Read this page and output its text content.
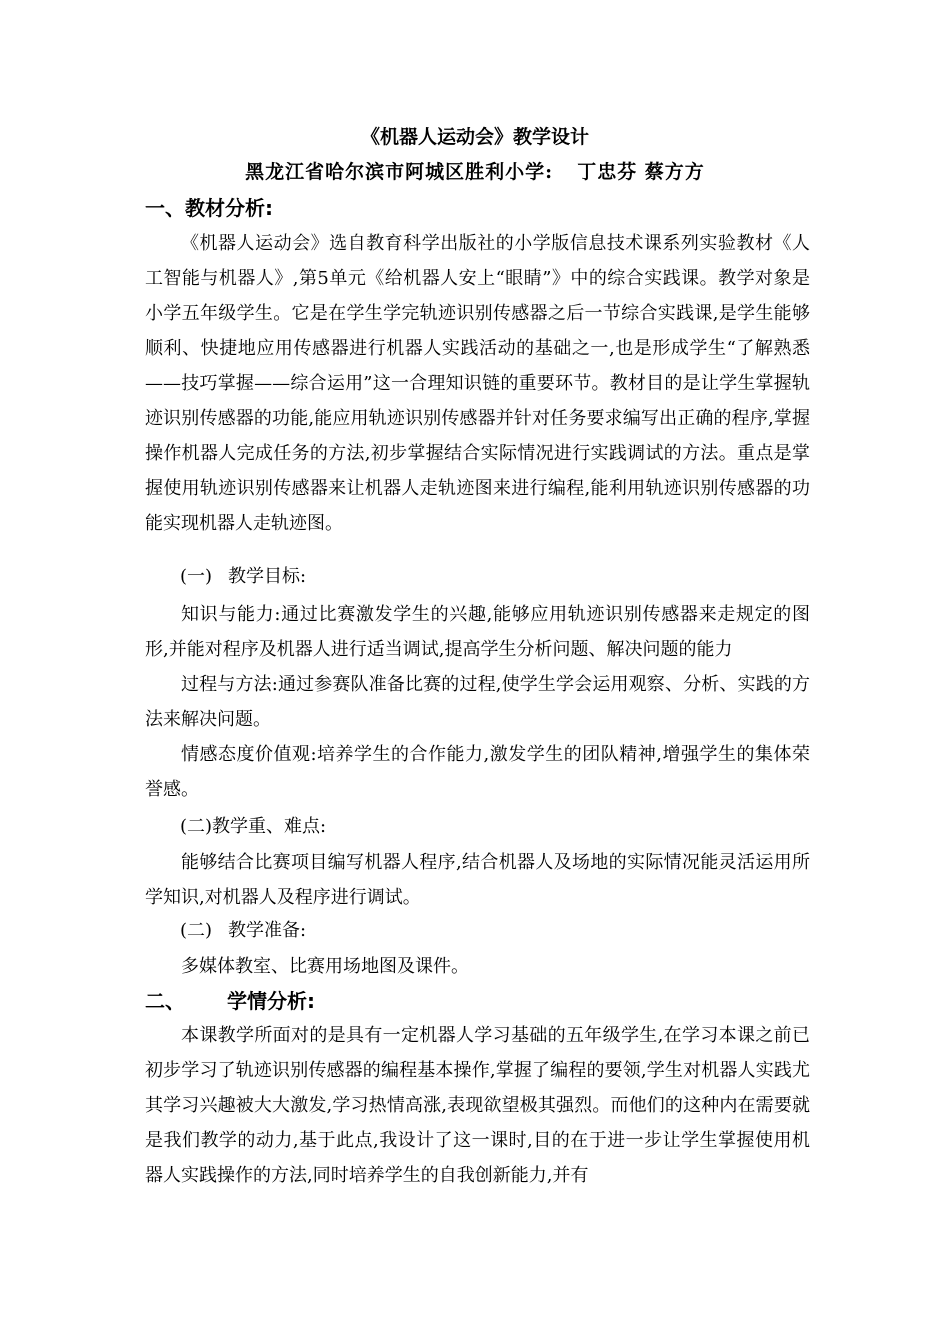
《机器人运动会》教学设计
黑龙江省哈尔滨市阿城区胜利小学: 丁忠芬 蔡方方
一、教材分析:

《机器人运动会》选自教育科学出版社的小学版信息技术课系列实验教材《人工智能与机器人》,第5单元《给机器人安上“眼睛”》中的综合实践课。教学对象是小学五年级学生。它是在学生学完轨迹识别传感器之后一节综合实践课,是学生能够顺利、快捷地应用传感器进行机器人实践活动的基础之一,也是形成学生“了解熟悉——技巧掌握——综合运用”这一合理知识链的重要环节。教材目的是让学生掌握轨迹识别传感器的功能,能应用轨迹识别传感器并针对任务要求编写出正确的程序,掌握操作机器人完成任务的方法,初步掌握结合实际情况进行实践调试的方法。重点是掌握使用轨迹识别传感器来让机器人走轨迹图来进行编程,能利用轨迹识别传感器的功能实现机器人走轨迹图。

(一) 教学目标:

知识与能力:通过比赛激发学生的兴趣,能够应用轨迹识别传感器来走规定的图形,并能对程序及机器人进行适当调试,提高学生分析问题、解决问题的能力

过程与方法:通过参赛队准备比赛的过程,使学生学会运用观察、分析、实践的方法来解决问题。

情感态度价值观:培养学生的合作能力,激发学生的团队精神,增强学生的集体荣誉感。

(二)教学重、难点:

能够结合比赛项目编写机器人程序,结合机器人及场地的实际情况能灵活运用所学知识,对机器人及程序进行调试。

(二) 教学准备:
多媒体教室、比赛用场地图及课件。
二、 学情分析:

本课教学所面对的是具有一定机器人学习基础的五年级学生,在学习本课之前已初步学习了轨迹识别传感器的编程基本操作,掌握了编程的要领,学生对机器人实践尤其学习兴趣被大大激发,学习热情高涨,表现欲望极其强烈。而他们的这种内在需要就是我们教学的动力,基于此点,我设计了这一课时,目的在于进一步让学生掌握使用机器人实践操作的方法,同时培养学生的自我创新能力,并有
